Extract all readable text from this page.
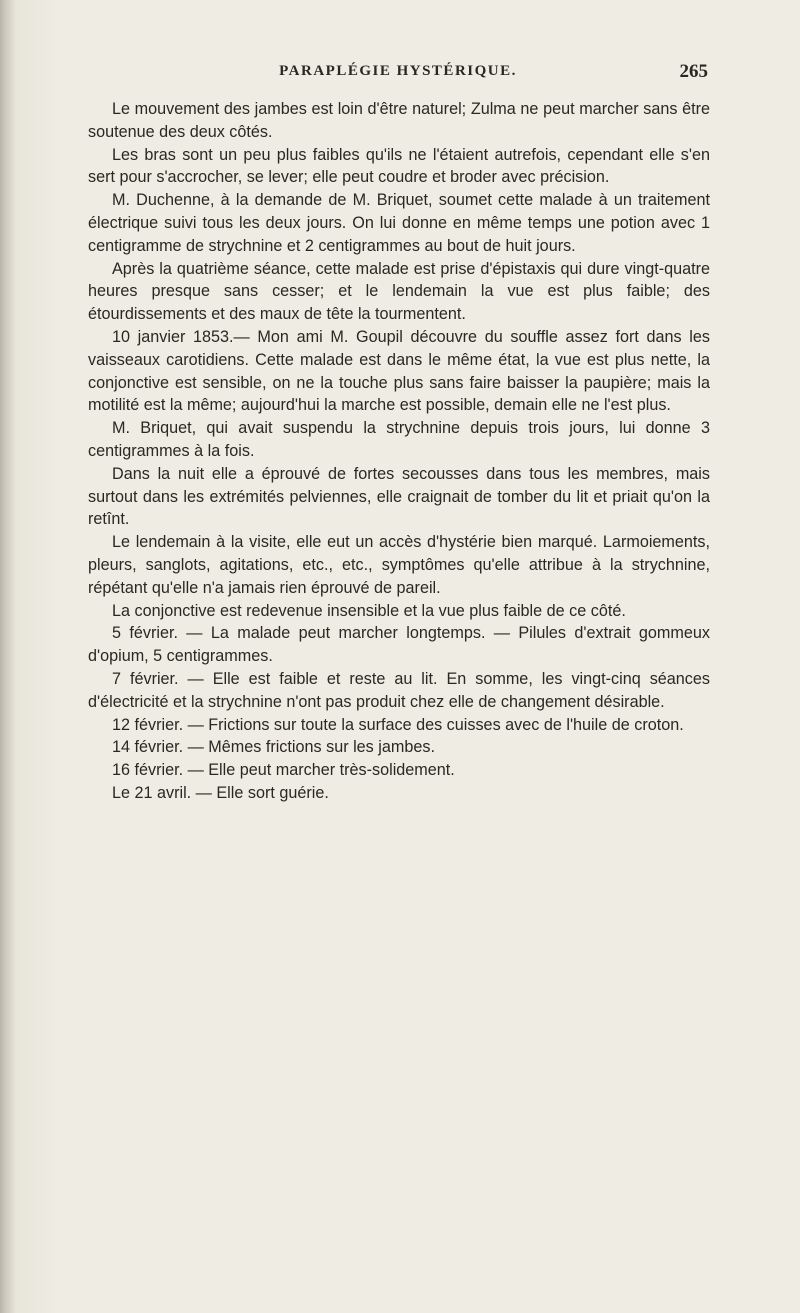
PARAPLÉGIE HYSTÉRIQUE.	265

Le mouvement des jambes est loin d'être naturel; Zulma ne peut marcher sans être soutenue des deux côtés.

Les bras sont un peu plus faibles qu'ils ne l'étaient autrefois, cependant elle s'en sert pour s'accrocher, se lever; elle peut coudre et broder avec précision.

M. Duchenne, à la demande de M. Briquet, soumet cette malade à un traitement électrique suivi tous les deux jours. On lui donne en même temps une potion avec 1 centigramme de strychnine et 2 centigrammes au bout de huit jours.

Après la quatrième séance, cette malade est prise d'épistaxis qui dure vingt-quatre heures presque sans cesser; et le lendemain la vue est plus faible; des étourdissements et des maux de tête la tourmentent.

10 janvier 1853.— Mon ami M. Goupil découvre du souffle assez fort dans les vaisseaux carotidiens. Cette malade est dans le même état, la vue est plus nette, la conjonctive est sensible, on ne la touche plus sans faire baisser la paupière; mais la motilité est la même; aujourd'hui la marche est possible, demain elle ne l'est plus.

M. Briquet, qui avait suspendu la strychnine depuis trois jours, lui donne 3 centigrammes à la fois.

Dans la nuit elle a éprouvé de fortes secousses dans tous les membres, mais surtout dans les extrémités pelviennes, elle craignait de tomber du lit et priait qu'on la retînt.

Le lendemain à la visite, elle eut un accès d'hystérie bien marqué. Larmoiements, pleurs, sanglots, agitations, etc., etc., symptômes qu'elle attribue à la strychnine, répétant qu'elle n'a jamais rien éprouvé de pareil.

La conjonctive est redevenue insensible et la vue plus faible de ce côté.

5 février. — La malade peut marcher longtemps. — Pilules d'extrait gommeux d'opium, 5 centigrammes.

7 février. — Elle est faible et reste au lit. En somme, les vingt-cinq séances d'électricité et la strychnine n'ont pas produit chez elle de changement désirable.

12 février. — Frictions sur toute la surface des cuisses avec de l'huile de croton.

14 février. — Mêmes frictions sur les jambes.

16 février. — Elle peut marcher très-solidement.

Le 21 avril. — Elle sort guérie.
